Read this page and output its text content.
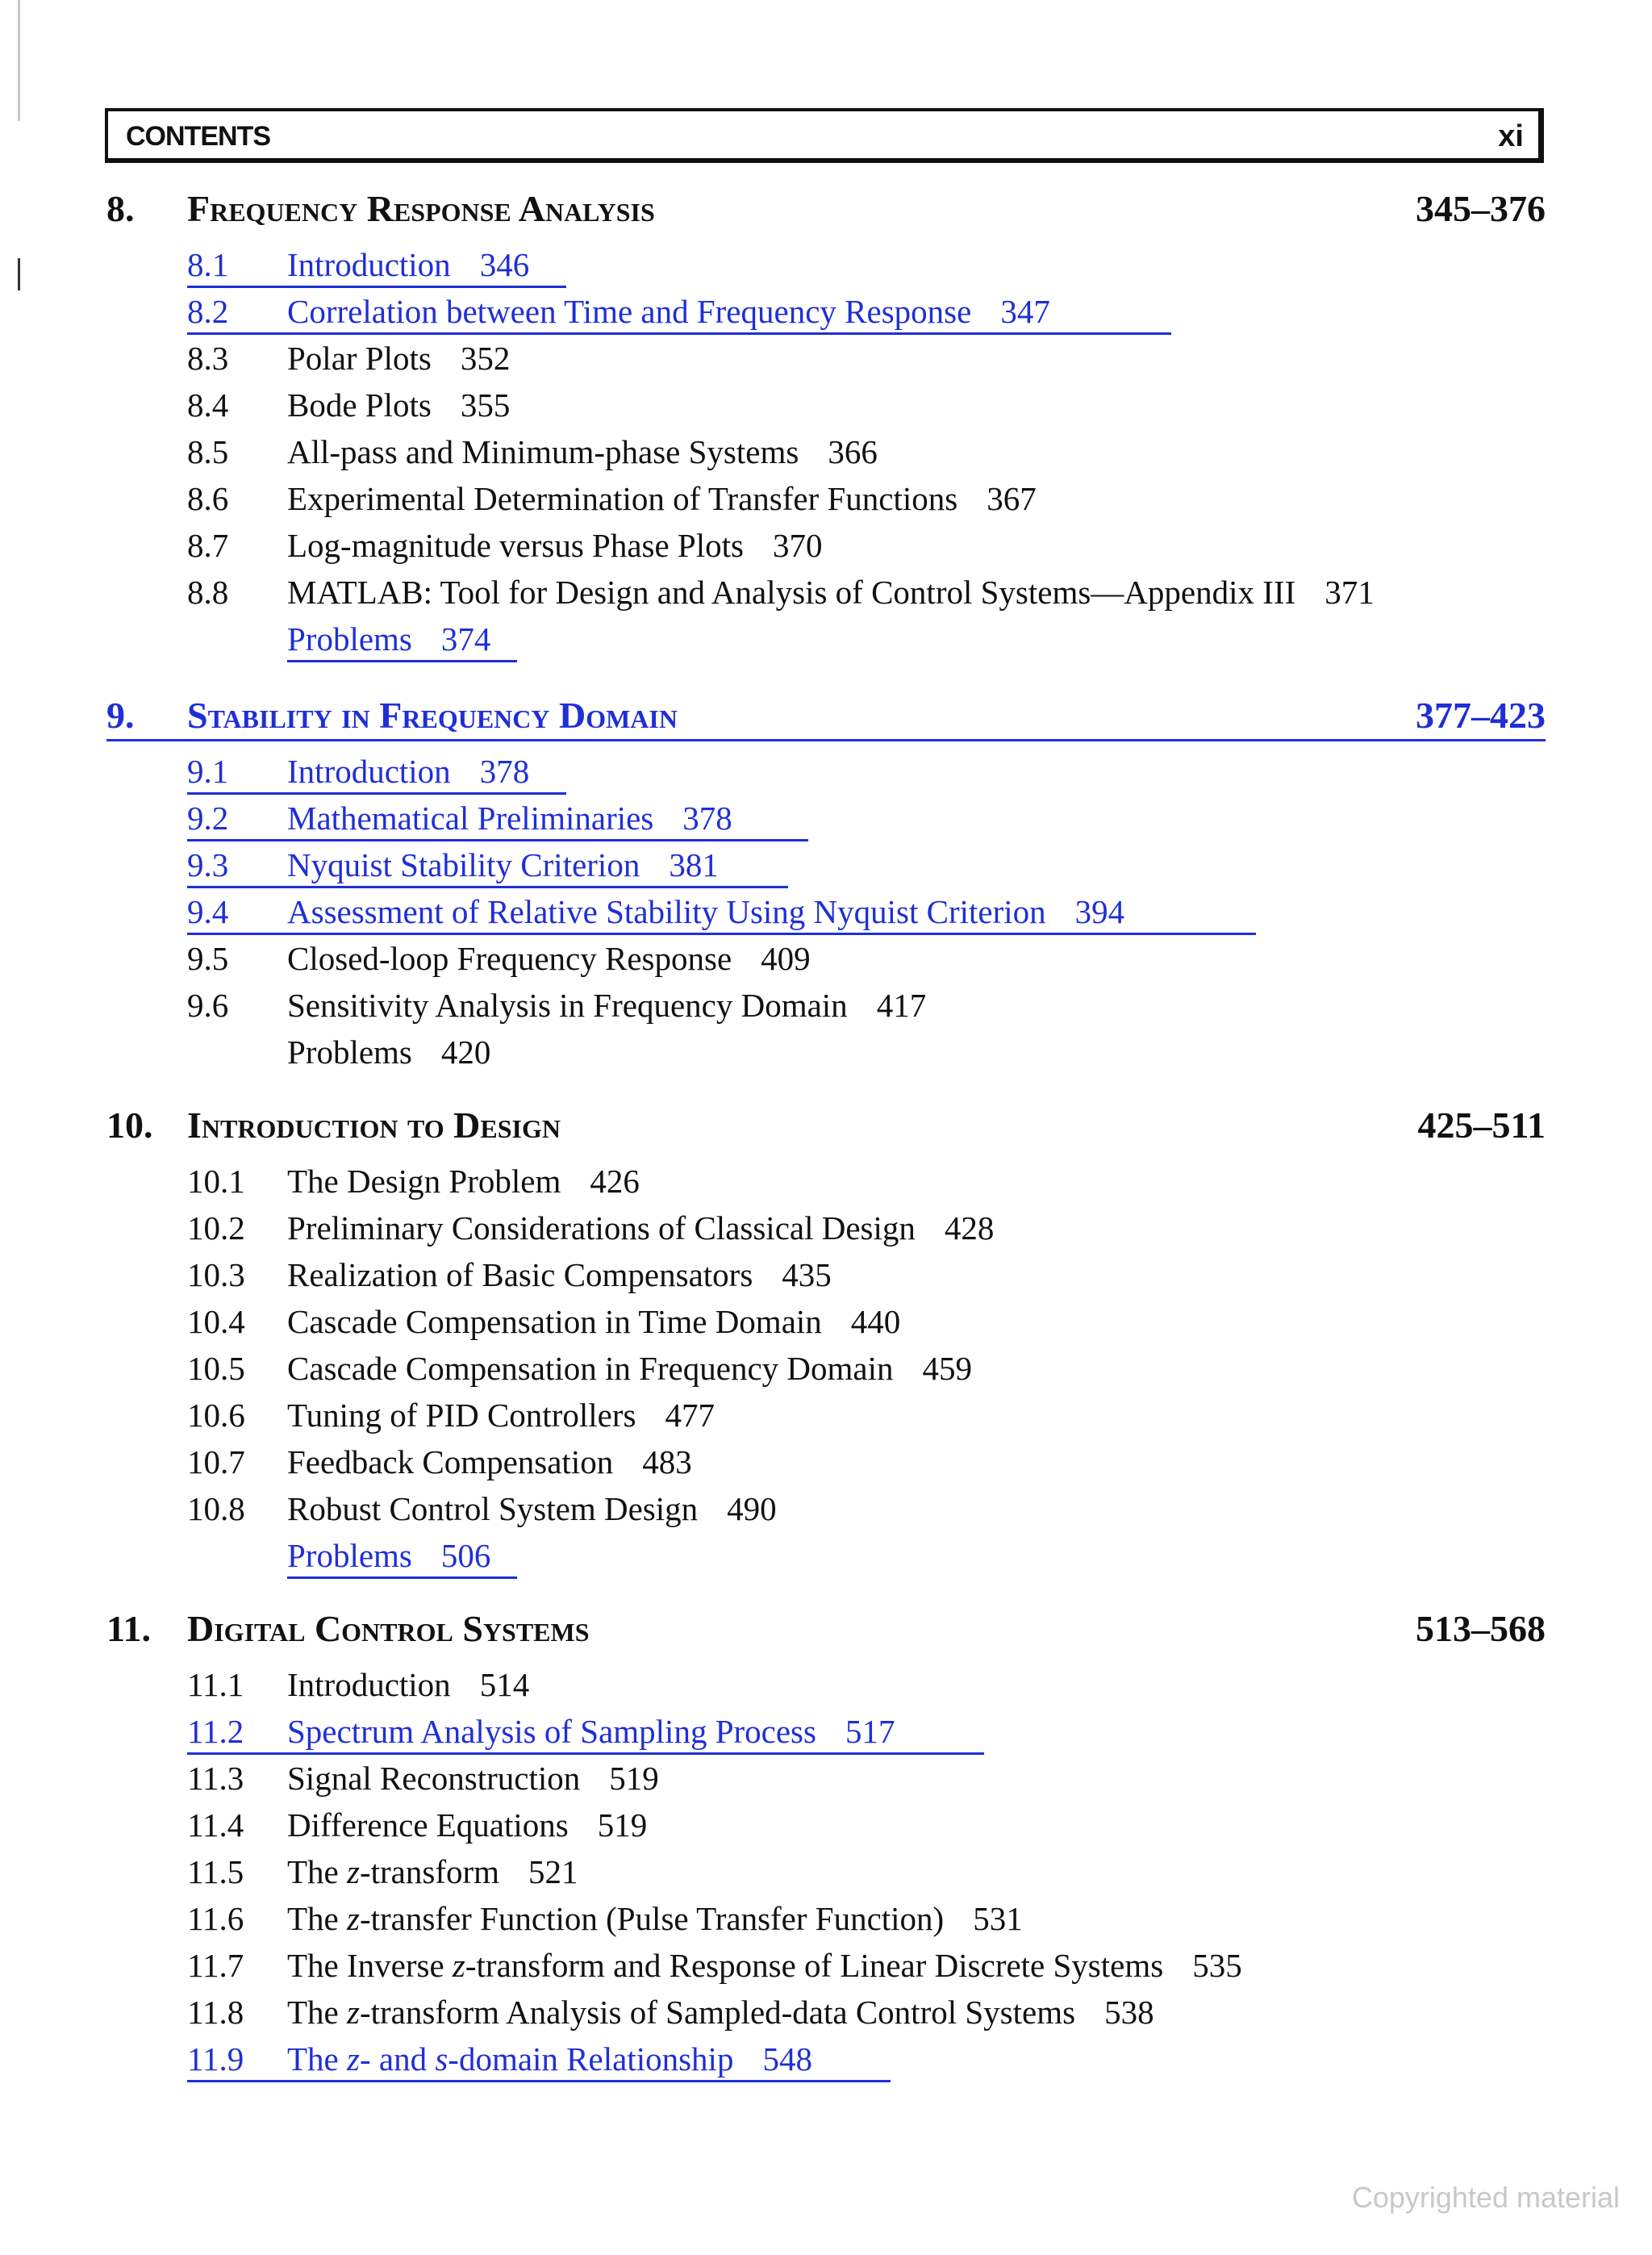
CONTENTS	xi
8. Frequency Response Analysis	345–376
8.1 Introduction 346
8.2 Correlation between Time and Frequency Response 347
8.3 Polar Plots 352
8.4 Bode Plots 355
8.5 All-pass and Minimum-phase Systems 366
8.6 Experimental Determination of Transfer Functions 367
8.7 Log-magnitude versus Phase Plots 370
8.8 MATLAB: Tool for Design and Analysis of Control Systems—Appendix III 371
Problems 374
9. Stability in Frequency Domain	377–423
9.1 Introduction 378
9.2 Mathematical Preliminaries 378
9.3 Nyquist Stability Criterion 381
9.4 Assessment of Relative Stability Using Nyquist Criterion 394
9.5 Closed-loop Frequency Response 409
9.6 Sensitivity Analysis in Frequency Domain 417
Problems 420
10. Introduction to Design	425–511
10.1 The Design Problem 426
10.2 Preliminary Considerations of Classical Design 428
10.3 Realization of Basic Compensators 435
10.4 Cascade Compensation in Time Domain 440
10.5 Cascade Compensation in Frequency Domain 459
10.6 Tuning of PID Controllers 477
10.7 Feedback Compensation 483
10.8 Robust Control System Design 490
Problems 506
11. Digital Control Systems	513–568
11.1 Introduction 514
11.2 Spectrum Analysis of Sampling Process 517
11.3 Signal Reconstruction 519
11.4 Difference Equations 519
11.5 The z-transform 521
11.6 The z-transfer Function (Pulse Transfer Function) 531
11.7 The Inverse z-transform and Response of Linear Discrete Systems 535
11.8 The z-transform Analysis of Sampled-data Control Systems 538
11.9 The z- and s-domain Relationship 548
Copyrighted material
